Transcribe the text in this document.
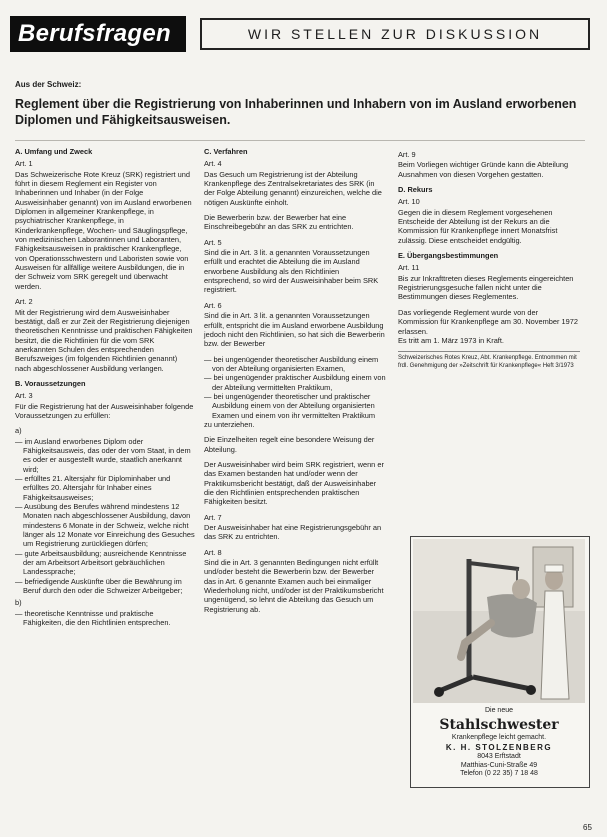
Berufsfragen	WIR STELLEN ZUR DISKUSSION
Aus der Schweiz:
Reglement über die Registrierung von Inhaberinnen und Inhabern von im Ausland erworbenen Diplomen und Fähigkeitsausweisen.

A. Umfang und Zweck

Art. 1

Das Schweizerische Rote Kreuz (SRK) registriert und führt in diesem Reglement ein Register von Inhaberinnen und Inhaber (in der Folge Ausweisinhaber genannt) von im Ausland erworbenen Diplomen in allgemeiner Krankenpflege, in psychiatrischer Krankenpflege, in Kinderkrankenpflege, Wochen- und Säuglingspflege, von medizinischen Laborantinnen und Laboranten, Fähigkeitsausweisen in praktischer Krankenpflege, von Operationsschwestern und Laboristen sowie von Ausweisen für allfällige weitere Ausbildungen, die in der Schweiz vom SRK geregelt und überwacht werden.

Art. 2

Mit der Registrierung wird dem Ausweisinhaber bestätigt, daß er zur Zeit der Registrierung diejenigen theoretischen Kenntnisse und praktischen Fähigkeiten besitzt, die die Richtlinien für die vom SRK anerkannten Schulen des entsprechenden Berufszweiges (im folgenden Richtlinien genannt) nach abgeschlossener Ausbildung verlangen.

B. Voraussetzungen

Art. 3

Für die Registrierung hat der Ausweisinhaber folgende Voraussetzungen zu erfüllen:

a)

— im Ausland erworbenes Diplom oder Fähigkeitsausweis, das oder der vom Staat, in dem es oder er ausgestellt wurde, staatlich anerkannt wird;

— erfülltes 21. Altersjahr für Diplominhaber und erfülltes 20. Altersjahr für Inhaber eines Fähigkeitsausweises;

— Ausübung des Berufes während mindestens 12 Monaten nach abgeschlossener Ausbildung, davon mindestens 6 Monate in der Schweiz, welche nicht länger als 12 Monate vor Einreichung des Gesuches um Registrierung zurückliegen dürfen;

— gute Arbeitsausbildung; ausreichende Kenntnisse der am Arbeitsort Arbeitsort gebräuchlichen Landessprache;

— befriedigende Auskünfte über die Bewährung im Beruf durch den oder die Schweizer Arbeitgeber;

b)

— theoretische Kenntnisse und praktische Fähigkeiten, die den Richtlinien entsprechen.

C. Verfahren

Art. 4

Das Gesuch um Registrierung ist der Abteilung Krankenpflege des Zentralsekretariates des SRK (in der Folge Abteilung genannt) einzureichen, welche die nötigen Auskünfte einholt.

Die Bewerberin bzw. der Bewerber hat eine Einschreibegebühr an das SRK zu entrichten.

Art. 5

Sind die in Art. 3 lit. a genannten Voraussetzungen erfüllt und erachtet die Abteilung die im Ausland erworbene Ausbildung als den Richtlinien entsprechend, so wird der Ausweisinhaber beim SRK registriert.

Art. 6

Sind die in Art. 3 lit. a genannten Voraussetzungen erfüllt, entspricht die im Ausland erworbene Ausbildung jedoch nicht den Richtlinien, so hat sich die Bewerberin bzw. der Bewerber

— bei ungenügender theoretischer Ausbildung einem von der Abteilung organisierten Examen,

— bei ungenügender praktischer Ausbildung einem von der Abteilung vermittelten Praktikum,

— bei ungenügender theoretischer und praktischer Ausbildung einem von der Abteilung organisierten Examen und einem von ihr vermittelten Praktikum

zu unterziehen.

Die Einzelheiten regelt eine besondere Weisung der Abteilung.

Der Ausweisinhaber wird beim SRK registriert, wenn er das Examen bestanden hat und/oder wenn der Praktikumsbericht bestätigt, daß der Ausweisinhaber die den Richtlinien entsprechenden praktischen Fähigkeiten besitzt.

Art. 7

Der Ausweisinhaber hat eine Registrierungsgebühr an das SRK zu entrichten.

Art. 8

Sind die in Art. 3 genannten Bedingungen nicht erfüllt und/oder besteht die Bewerberin bzw. der Bewerber das in Art. 6 genannte Examen auch bei einmaliger Wiederholung nicht, und/oder ist der Praktikumsbericht ungenügend, so lehnt die Abteilung das Gesuch um Registrierung ab.

Art. 9

Beim Vorliegen wichtiger Gründe kann die Abteilung Ausnahmen von diesen Vorgehen gestatten.

D. Rekurs

Art. 10

Gegen die in diesem Reglement vorgesehenen Entscheide der Abteilung ist der Rekurs an die Kommission für Krankenpflege innert Monatsfrist zulässig. Diese entscheidet endgültig.

E. Übergangsbestimmungen

Art. 11

Bis zur Inkrafttreten dieses Reglements eingereichten Registrierungsgesuche fallen nicht unter die Bestimmungen dieses Reglementes.

Das vorliegende Reglement wurde von der Kommission für Krankenpflege am 30. November 1972 erlassen.

Es tritt am 1. März 1973 in Kraft.

Schweizerisches Rotes Kreuz, Abt. Krankenpflege. Entnommen mit frdl. Genehmigung der »Zeitschrift für Krankenpflege« Heft 3/1973

Die neue

Stahlschwester

Krankenpflege leicht gemacht.

K. H. STOLZENBERG

8043 Erftstadt

Matthias-Cuni-Straße 49

Telefon (0 22 35) 7 18 48

65
